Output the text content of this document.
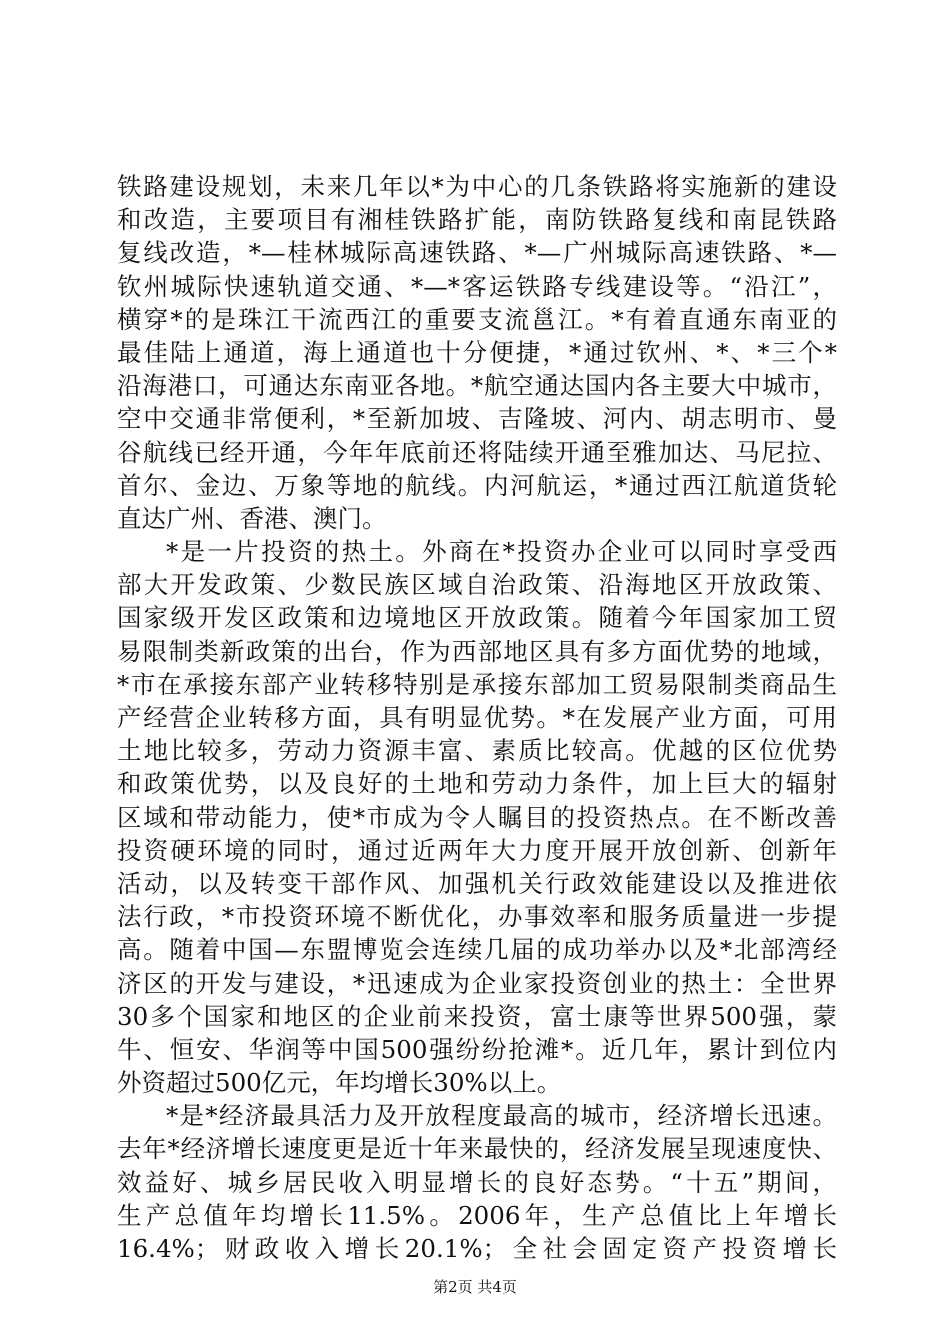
铁路建设规划，未来几年以*为中心的几条铁路将实施新的建设
和改造，主要项目有湘桂铁路扩能，南防铁路复线和南昆铁路
复线改造，*—桂林城际高速铁路、*—广州城际高速铁路、*—
钦州城际快速轨道交通、*—*客运铁路专线建设等。“沿江”，
横穿*的是珠江干流西江的重要支流邕江。*有着直通东南亚的
最佳陆上通道，海上通道也十分便捷，*通过钦州、*、*三个*
沿海港口，可通达东南亚各地。*航空通达国内各主要大中城市，
空中交通非常便利，*至新加坡、吉隆坡、河内、胡志明市、曼
谷航线已经开通，今年年底前还将陆续开通至雅加达、马尼拉、
首尔、金边、万象等地的航线。内河航运，*通过西江航道货轮
直达广州、香港、澳门。
*是一片投资的热土。外商在*投资办企业可以同时享受西
部大开发政策、少数民族区域自治政策、沿海地区开放政策、
国家级开发区政策和边境地区开放政策。随着今年国家加工贸
易限制类新政策的出台，作为西部地区具有多方面优势的地域，
*市在承接东部产业转移特别是承接东部加工贸易限制类商品生
产经营企业转移方面，具有明显优势。*在发展产业方面，可用
土地比较多，劳动力资源丰富、素质比较高。优越的区位优势
和政策优势，以及良好的土地和劳动力条件，加上巨大的辐射
区域和带动能力，使*市成为令人瞩目的投资热点。在不断改善
投资硬环境的同时，通过近两年大力度开展开放创新、创新年
活动，以及转变干部作风、加强机关行政效能建设以及推进依
法行政，*市投资环境不断优化，办事效率和服务质量进一步提
高。随着中国—东盟博览会连续几届的成功举办以及*北部湾经
济区的开发与建设，*迅速成为企业家投资创业的热土：全世界
30多个国家和地区的企业前来投资，富士康等世界500强，蒙
牛、恒安、华润等中国500强纷纷抢滩*。近几年，累计到位内
外资超过500亿元，年均增长30%以上。
*是*经济最具活力及开放程度最高的城市，经济增长迅速。
去年*经济增长速度更是近十年来最快的，经济发展呈现速度快、
效益好、城乡居民收入明显增长的良好态势。“十五”期间，
生产总值年均增长11.5%。2006年，生产总值比上年增长
16.4%；财政收入增长20.1%；全社会固定资产投资增长
第2页 共4页
